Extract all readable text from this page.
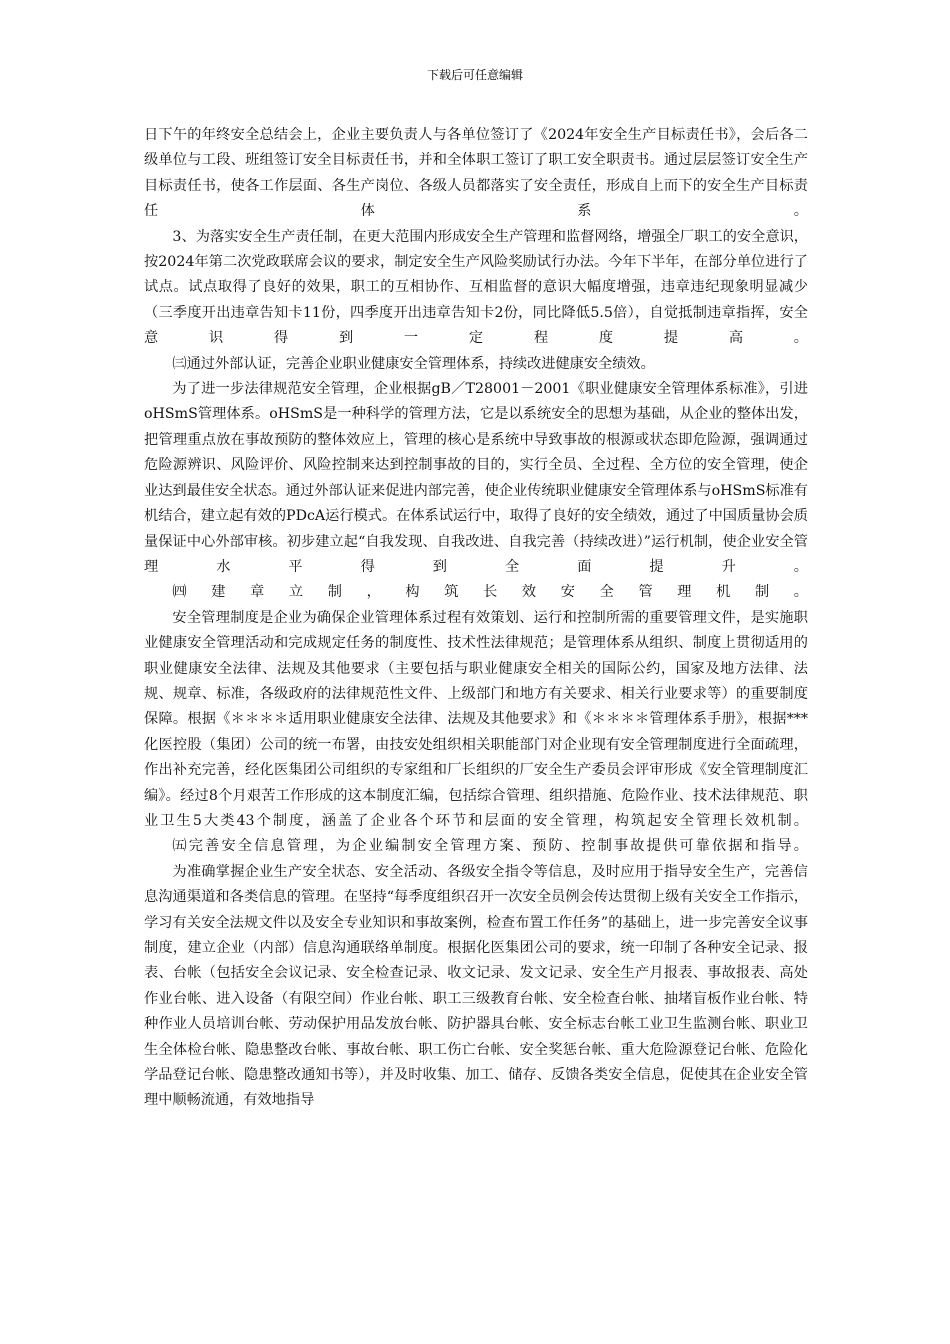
下载后可任意编辑

日下午的年终安全总结会上，企业主要负责人与各单位签订了《2024年安全生产目标责任书》，会后各二级单位与工段、班组签订安全目标责任书，并和全体职工签订了职工安全职责书。通过层层签订安全生产目标责任书，使各工作层面、各生产岗位、各级人员都落实了安全责任，形成自上而下的安全生产目标责任体系。

3、为落实安全生产责任制，在更大范围内形成安全生产管理和监督网络，增强全厂职工的安全意识，按2024年第二次党政联席会议的要求，制定安全生产风险奖励试行办法。今年下半年，在部分单位进行了试点。试点取得了良好的效果，职工的互相协作、互相监督的意识大幅度增强，违章违纪现象明显减少（三季度开出违章告知卡11份，四季度开出违章告知卡2份，同比降低5.5倍），自觉抵制违章指挥，安全意识得到一定程度提高。

㈢通过外部认证，完善企业职业健康安全管理体系，持续改进健康安全绩效。

为了进一步法律规范安全管理，企业根据gB／T28001－2001《职业健康安全管理体系标准》，引进oHSmS管理体系。oHSmS是一种科学的管理方法，它是以系统安全的思想为基础，从企业的整体出发，把管理重点放在事故预防的整体效应上，管理的核心是系统中导致事故的根源或状态即危险源，强调通过危险源辨识、风险评价、风险控制来达到控制事故的目的，实行全员、全过程、全方位的安全管理，使企业达到最佳安全状态。通过外部认证来促进内部完善，使企业传统职业健康安全管理体系与oHSmS标准有机结合，建立起有效的PDcA运行模式。在体系试运行中，取得了良好的安全绩效，通过了中国质量协会质量保证中心外部审核。初步建立起“自我发现、自我改进、自我完善（持续改进）”运行机制，使企业安全管理水平得到全面提升。

㈣建章立制，构筑长效安全管理机制。

安全管理制度是企业为确保企业管理体系过程有效策划、运行和控制所需的重要管理文件，是实施职业健康安全管理活动和完成规定任务的制度性、技术性法律规范；是管理体系从组织、制度上贯彻适用的职业健康安全法律、法规及其他要求（主要包括与职业健康安全相关的国际公约，国家及地方法律、法规、规章、标准，各级政府的法律规范性文件、上级部门和地方有关要求、相关行业要求等）的重要制度保障。根据《＊＊＊＊适用职业健康安全法律、法规及其他要求》和《＊＊＊＊管理体系手册》，根据***化医控股（集团）公司的统一布署，由技安处组织相关职能部门对企业现有安全管理制度进行全面疏理，作出补充完善，经化医集团公司组织的专家组和厂长组织的厂安全生产委员会评审形成《安全管理制度汇编》。经过8个月艰苦工作形成的这本制度汇编，包括综合管理、组织措施、危险作业、技术法律规范、职业卫生5大类43个制度，涵盖了企业各个环节和层面的安全管理，构筑起安全管理长效机制。

㈤完善安全信息管理，为企业编制安全管理方案、预防、控制事故提供可靠依据和指导。

为准确掌握企业生产安全状态、安全活动、各级安全指令等信息，及时应用于指导安全生产，完善信息沟通渠道和各类信息的管理。在坚持“每季度组织召开一次安全员例会传达贯彻上级有关安全工作指示，学习有关安全法规文件以及安全专业知识和事故案例，检查布置工作任务”的基础上，进一步完善安全议事制度，建立企业（内部）信息沟通联络单制度。根据化医集团公司的要求，统一印制了各种安全记录、报表、台帐（包括安全会议记录、安全检查记录、收文记录、发文记录、安全生产月报表、事故报表、高处作业台帐、进入设备（有限空间）作业台帐、职工三级教育台帐、安全检查台帐、抽堵盲板作业台帐、特种作业人员培训台帐、劳动保护用品发放台帐、防护器具台帐、安全标志台帐工业卫生监测台帐、职业卫生全体检台帐、隐患整改台帐、事故台帐、职工伤亡台帐、安全奖惩台帐、重大危险源登记台帐、危险化学品登记台帐、隐患整改通知书等），并及时收集、加工、储存、反馈各类安全信息，促使其在企业安全管理中顺畅流通，有效地指导
